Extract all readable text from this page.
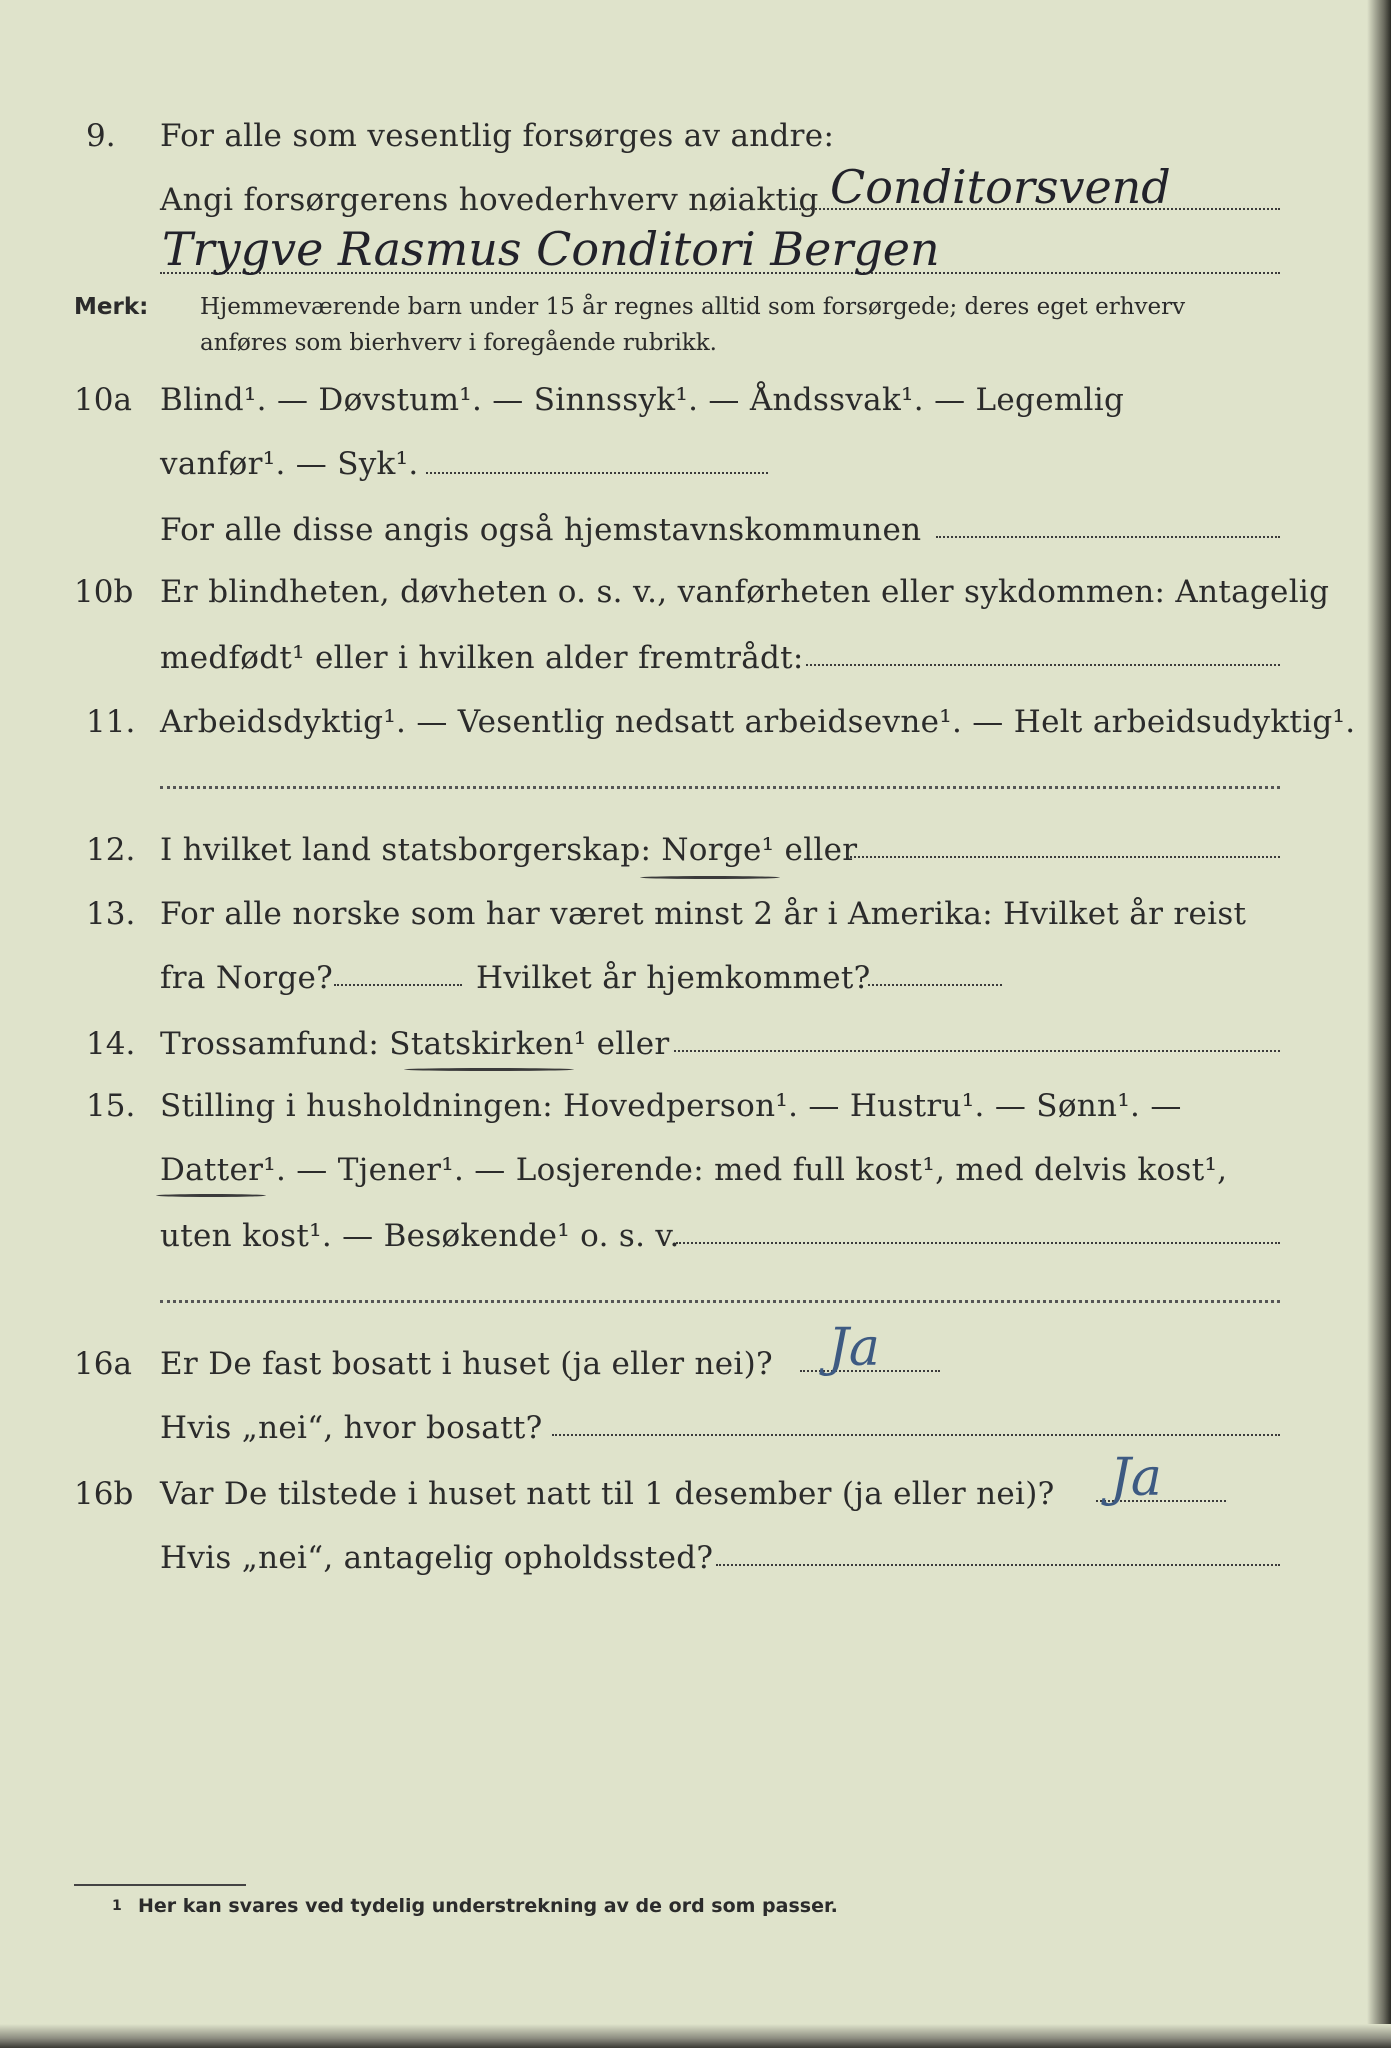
9. For alle som vesentlig forsørges av andre:
Angi forsørgerens hovederhverv nøiaktig Conditorsvend
Trygve Rasmus Conditori Bergen
Merk: Hjemmeværende barn under 15 år regnes alltid som forsørgede; deres eget erhverv
anføres som bierhverv i foregående rubrikk.
10a Blind¹. — Døvstum¹. — Sinnssyk¹. — Åndssvak¹. — Legemlig
vanfør¹. — Syk¹.
For alle disse angis også hjemstavnskommunen
10b Er blindheten, døvheten o. s. v., vanførheten eller sykdommen: Antagelig
medfødt¹ eller i hvilken alder fremtrådt:
11. Arbeidsdyktig¹. — Vesentlig nedsatt arbeidsevne¹. — Helt arbeidsudyktig¹.
12. I hvilket land statsborgerskap: Norge¹ eller
13. For alle norske som har været minst 2 år i Amerika: Hvilket år reist
fra Norge?	Hvilket år hjemkommet?
14. Trossamfund: Statskirken¹ eller
15. Stilling i husholdningen: Hovedperson¹. — Hustru¹. — Sønn¹. —
Datter¹. — Tjener¹. — Losjerende: med full kost¹, med delvis kost¹,
uten kost¹. — Besøkende¹ o. s. v.
16a Er De fast bosatt i huset (ja eller nei)? Ja
Hvis „nei“, hvor bosatt?
16b Var De tilstede i huset natt til 1 desember (ja eller nei)? Ja
Hvis „nei“, antagelig opholdssted?
1 Her kan svares ved tydelig understrekning av de ord som passer.
